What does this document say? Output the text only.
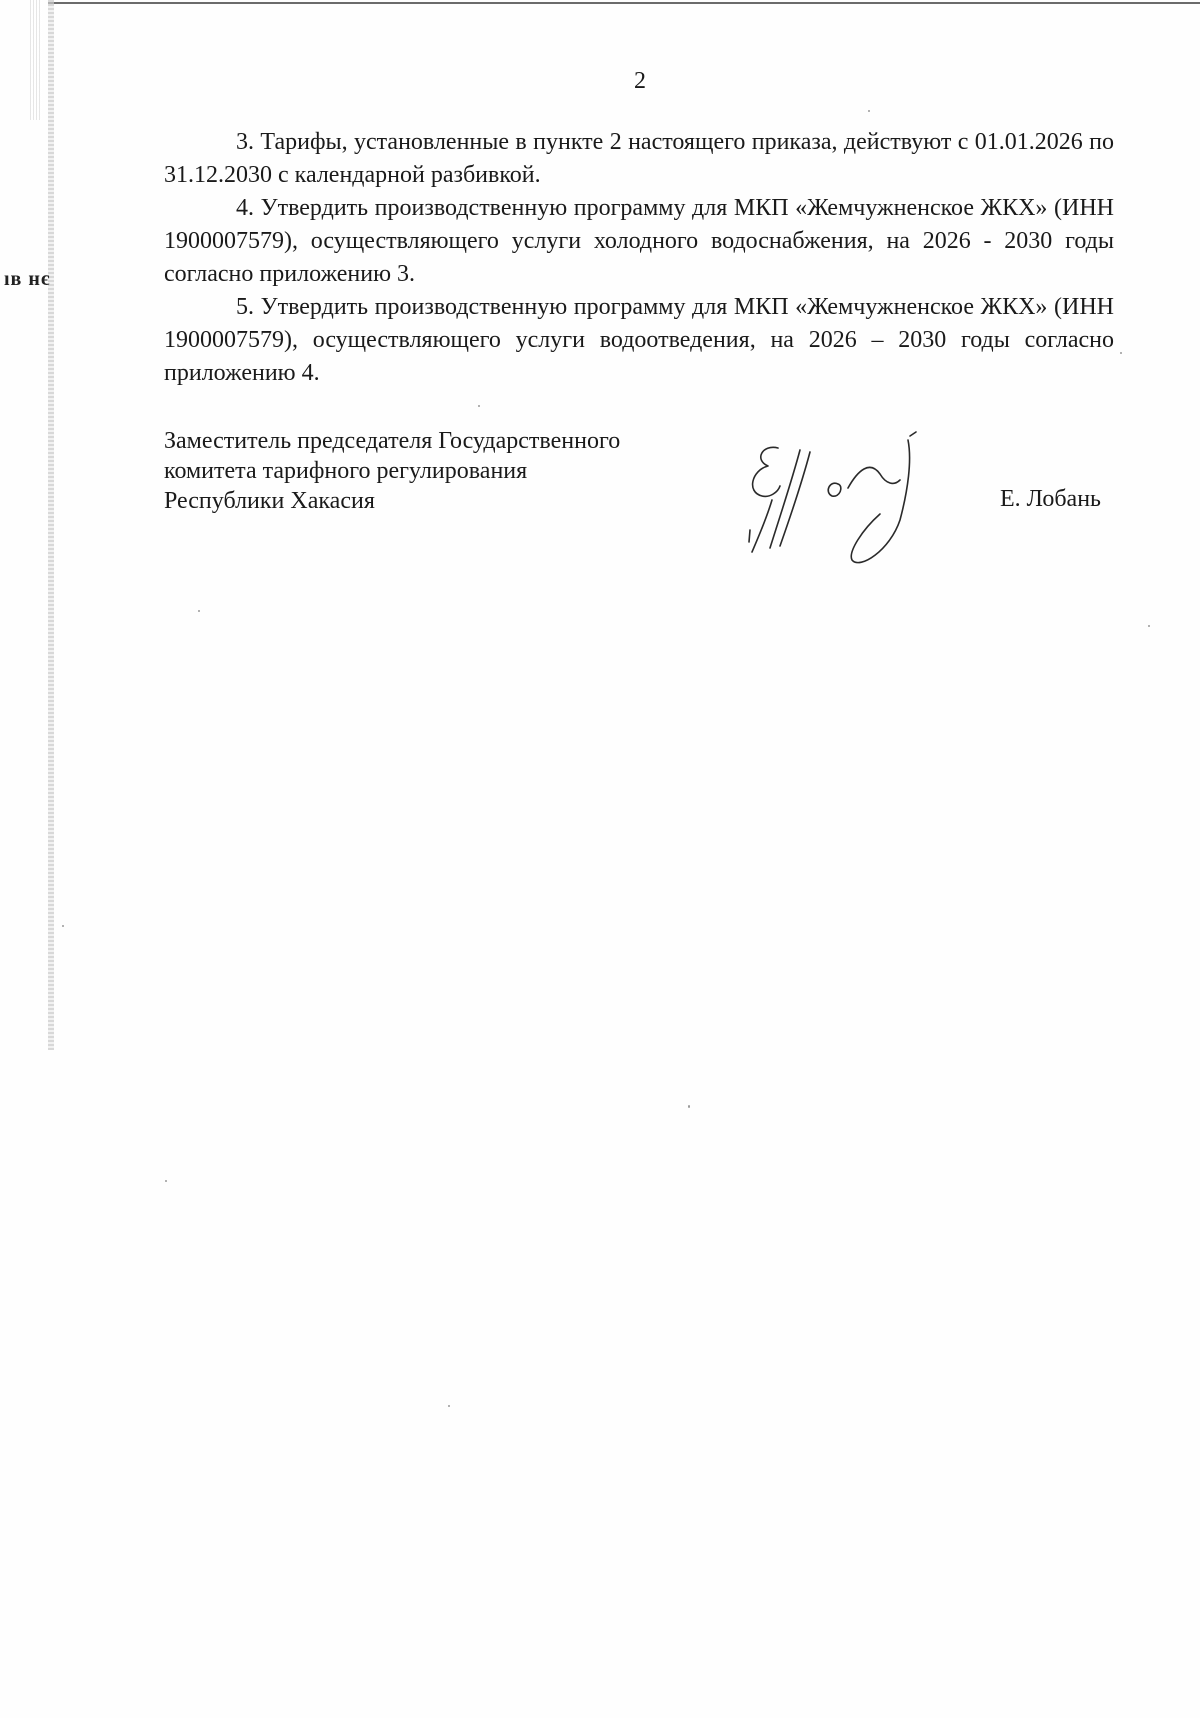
ıв нє
2

3. Тарифы, установленные в пункте 2 настоящего приказа, действуют с 01.01.2026 по 31.12.2030 с календарной разбивкой.

4. Утвердить производственную программу для МКП «Жемчужненское ЖКХ» (ИНН 1900007579), осуществляющего услуги холодного водоснабжения, на 2026 - 2030 годы согласно приложению 3.

5. Утвердить производственную программу для МКП «Жемчужненское ЖКХ» (ИНН 1900007579), осуществляющего услуги водоотведения, на 2026 – 2030 годы согласно приложению 4.

Заместитель председателя Государственного
комитета тарифного регулирования
Республики Хакасия	Е. Лобань
